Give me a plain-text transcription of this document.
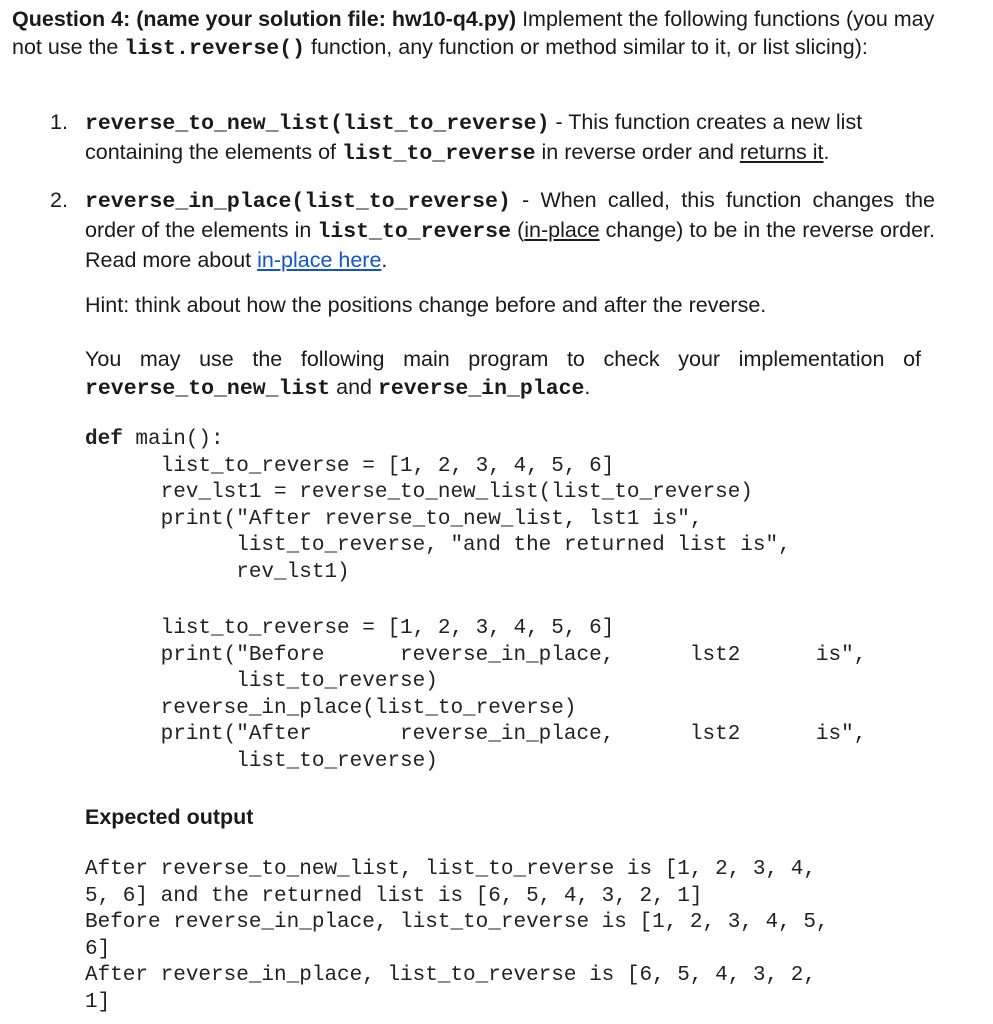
Question 4: (name your solution file: hw10-q4.py) Implement the following functions (you may not use the list.reverse() function, any function or method similar to it, or list slicing):
1. reverse_to_new_list(list_to_reverse) - This function creates a new list containing the elements of list_to_reverse in reverse order and returns it.
2. reverse_in_place(list_to_reverse) - When called, this function changes the order of the elements in list_to_reverse (in-place change) to be in the reverse order. Read more about in-place here.
Hint: think about how the positions change before and after the reverse.
You may use the following main program to check your implementation of reverse_to_new_list and reverse_in_place.
def main():
list_to_reverse = [1, 2, 3, 4, 5, 6]
rev_lst1 = reverse_to_new_list(list_to_reverse)
print("After reverse_to_new_list, lst1 is",
list_to_reverse, "and the returned list is",
rev_lst1)
list_to_reverse = [1, 2, 3, 4, 5, 6]
print("Before      reverse_in_place,      lst2      is",
list_to_reverse)
reverse_in_place(list_to_reverse)
print("After       reverse_in_place,      lst2      is",
list_to_reverse)
Expected output
After reverse_to_new_list, list_to_reverse is [1, 2, 3, 4,
5, 6] and the returned list is [6, 5, 4, 3, 2, 1]
Before reverse_in_place, list_to_reverse is [1, 2, 3, 4, 5,
6]
After reverse_in_place, list_to_reverse is [6, 5, 4, 3, 2,
1]
